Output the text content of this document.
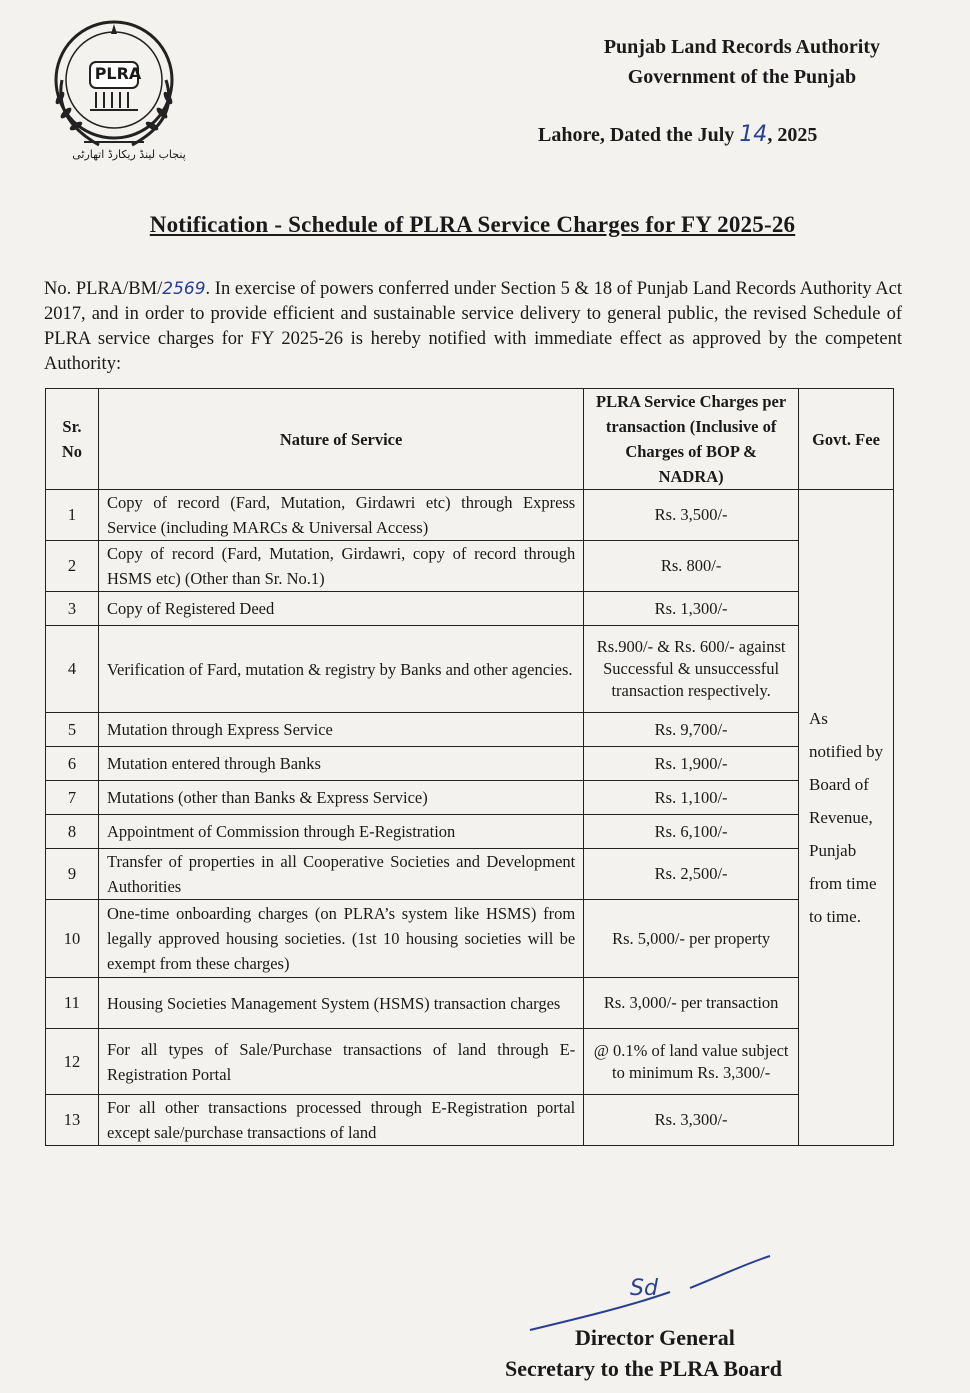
PLRA
پنجاب لینڈ ریکارڈ اتھارٹی
Punjab Land Records Authority
Government of the Punjab
Lahore, Dated the July 14, 2025
Notification - Schedule of PLRA Service Charges for FY 2025-26
No. PLRA/BM/2569. In exercise of powers conferred under Section 5 & 18 of Punjab Land Records Authority Act 2017, and in order to provide efficient and sustainable service delivery to general public, the revised Schedule of PLRA service charges for FY 2025-26 is hereby notified with immediate effect as approved by the competent Authority:
Sr. No	Nature of Service	PLRA Service Charges per transaction (Inclusive of Charges of BOP & NADRA)	Govt. Fee
1	Copy of record (Fard, Mutation, Girdawri etc) through Express Service (including MARCs & Universal Access)	Rs. 3,500/-	As notified by Board of Revenue, Punjab from time to time.

2	Copy of record (Fard, Mutation, Girdawri, copy of record through HSMS etc) (Other than Sr. No.1)	Rs. 800/-	
3	Copy of Registered Deed	Rs. 1,300/-	
4	Verification of Fard, mutation & registry by Banks and other agencies.	Rs.900/- & Rs. 600/- against Successful & unsuccessful transaction respectively.	
5	Mutation through Express Service	Rs. 9,700/-	
6	Mutation entered through Banks	Rs. 1,900/-	
7	Mutations (other than Banks & Express Service)	Rs. 1,100/-	
8	Appointment of Commission through E-Registration	Rs. 6,100/-	
9	Transfer of properties in all Cooperative Societies and Development Authorities	Rs. 2,500/-	
10	One-time onboarding charges (on PLRA’s system like HSMS) from legally approved housing societies. (1st 10 housing societies will be exempt from these charges)	Rs. 5,000/- per property	
11	Housing Societies Management System (HSMS) transaction charges	Rs. 3,000/- per transaction	
12	For all types of Sale/Purchase transactions of land through E-Registration Portal	@ 0.1% of land value subject to minimum Rs. 3,300/-	
13	For all other transactions processed through E-Registration portal except sale/purchase transactions of land	Rs. 3,300/-	
Sd
Director General
Secretary to the PLRA Board
